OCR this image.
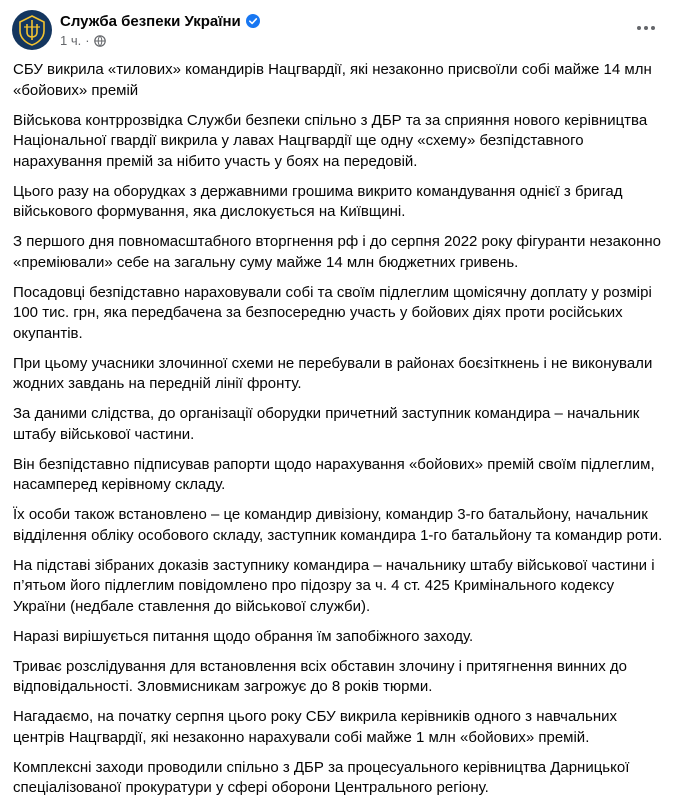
Служба безпеки України
1 ч. ·

СБУ викрила «тилових» командирів Нацгвардії, які незаконно присвоїли собі майже 14 млн «бойових» премій

Військова контррозвідка Служби безпеки спільно з ДБР та за сприяння нового керівництва Національної гвардії викрила у лавах Нацгвардії ще одну «схему» безпідставного нарахування премій за нібито участь у боях на передовій.

Цього разу на оборудках з державними грошима викрито командування однієї з бригад військового формування, яка дислокується на Київщині.

З першого дня повномасштабного вторгнення рф і до серпня 2022 року фігуранти незаконно «преміювали» себе на загальну суму майже 14 млн бюджетних гривень.

Посадовці безпідставно нараховували собі та своїм підлеглим щомісячну доплату у розмірі 100 тис. грн, яка передбачена за безпосередню участь у бойових діях проти російських окупантів.

При цьому учасники злочинної схеми не перебували в районах боєзіткнень і не виконували жодних завдань на передній лінії фронту.

За даними слідства, до організації оборудки причетний заступник командира – начальник штабу військової частини.

Він безпідставно підписував рапорти щодо нарахування «бойових» премій своїм підлеглим, насамперед керівному складу.

Їх особи також встановлено – це командир дивізіону, командир 3-го батальйону, начальник відділення обліку особового складу, заступник командира 1-го батальйону та командир роти.

На підставі зібраних доказів заступнику командира – начальнику штабу військової частини і п’ятьом його підлеглим повідомлено про підозру за ч. 4 ст. 425 Кримінального кодексу України (недбале ставлення до військової служби).

Наразі вирішується питання щодо обрання їм запобіжного заходу.

Триває розслідування для встановлення всіх обставин злочину і притягнення винних до відповідальності. Зловмисникам загрожує до 8 років тюрми.

Нагадаємо, на початку серпня цього року СБУ викрила керівників одного з навчальних центрів Нацгвардії, які незаконно нарахували собі майже 1 млн «бойових» премій.

Комплексні заходи проводили спільно з ДБР за процесуального керівництва Дарницької спеціалізованої прокуратури у сфері оборони Центрального регіону.
